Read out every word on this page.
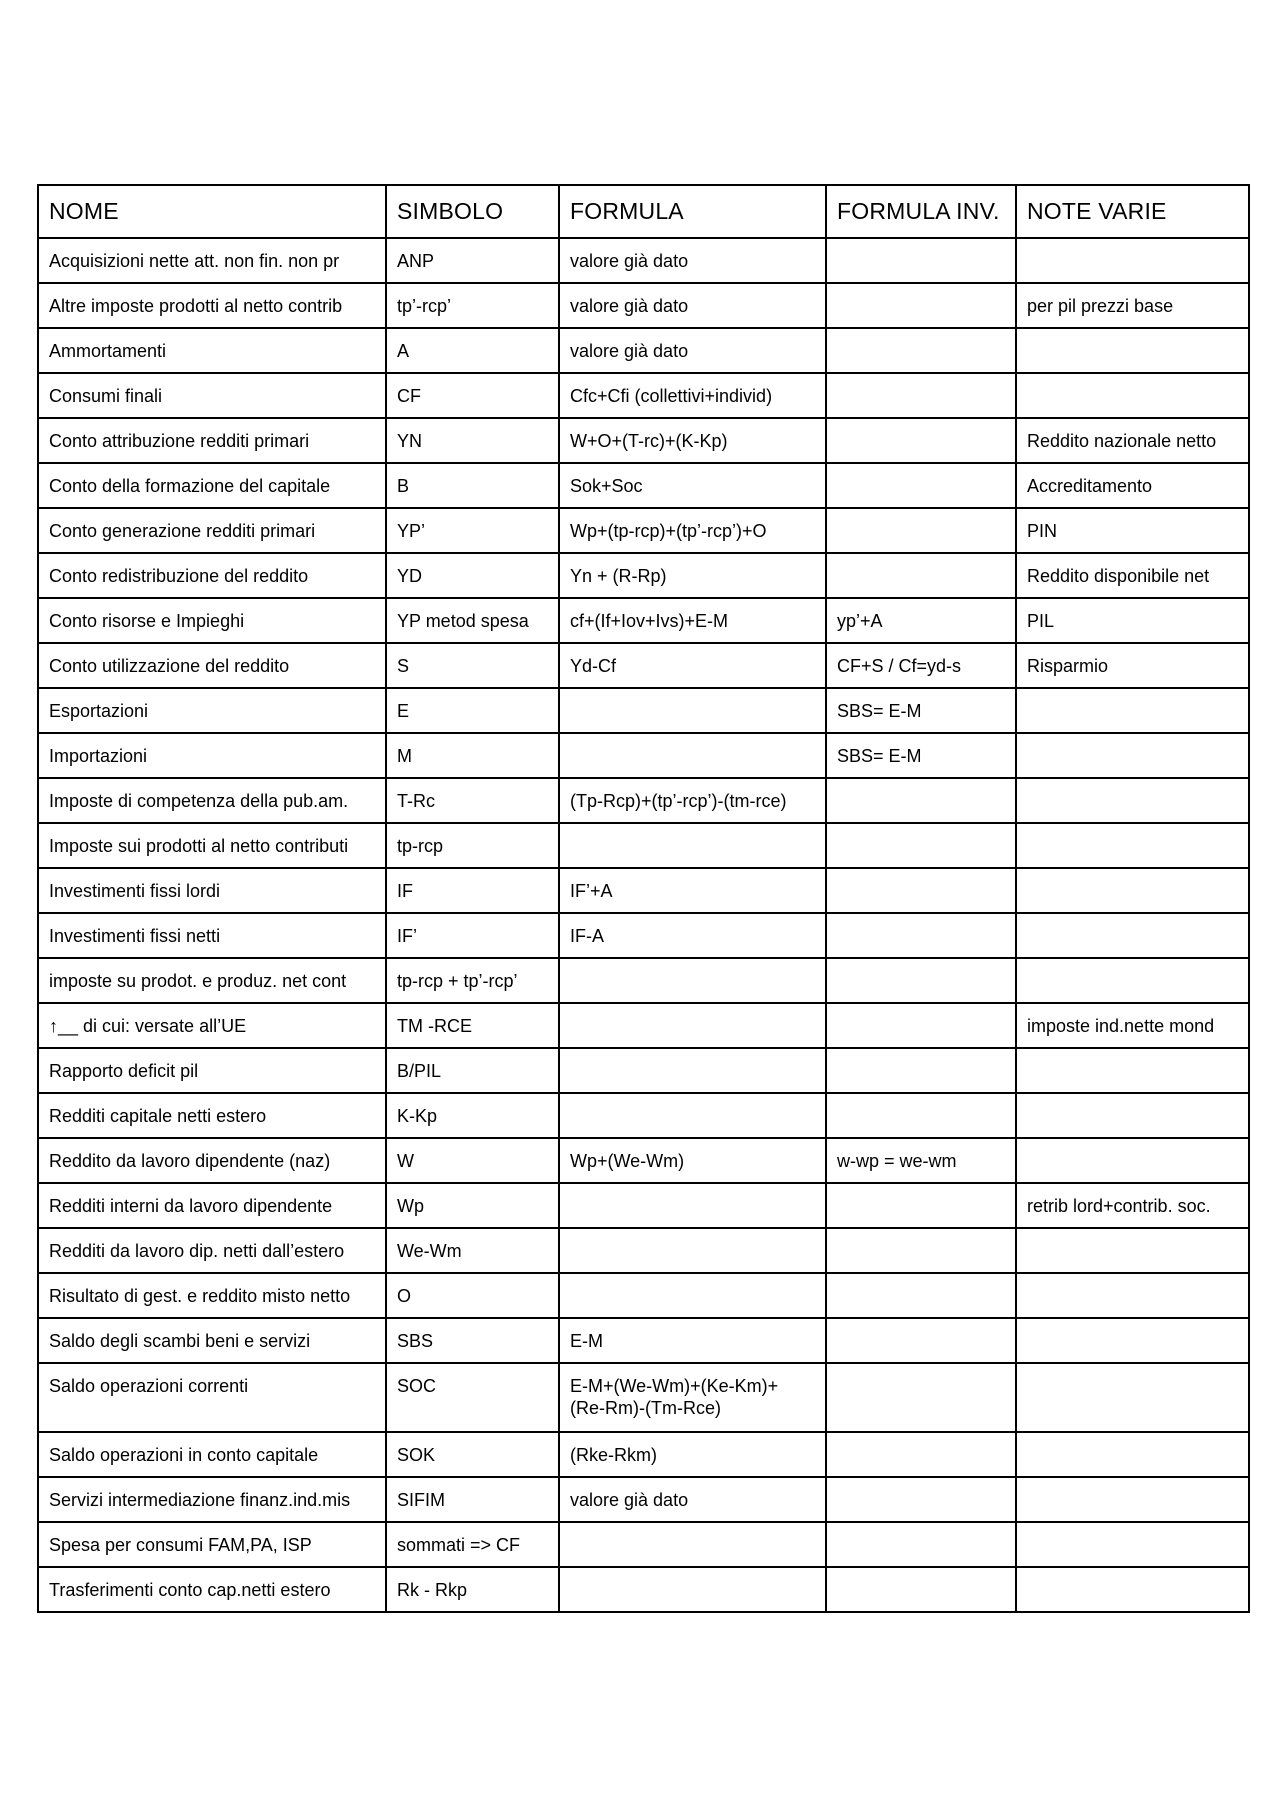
NOME	SIMBOLO	FORMULA	FORMULA INV.	NOTE VARIE
Acquisizioni nette att. non fin. non pr	ANP	valore già dato		
Altre imposte prodotti al netto contrib	tp’-rcp’	valore già dato		per pil prezzi base
Ammortamenti	A	valore già dato		
Consumi finali	CF	Cfc+Cfi (collettivi+individ)		
Conto attribuzione redditi primari	YN	W+O+(T-rc)+(K-Kp)		Reddito nazionale netto
Conto della formazione del capitale	B	Sok+Soc		Accreditamento
Conto generazione redditi primari	YP’	Wp+(tp-rcp)+(tp’-rcp’)+O		PIN
Conto redistribuzione del reddito	YD	Yn + (R-Rp)		Reddito disponibile net
Conto risorse e Impieghi	YP metod spesa	cf+(If+Iov+Ivs)+E-M	yp’+A	PIL
Conto utilizzazione del reddito	S	Yd-Cf	CF+S / Cf=yd-s	Risparmio
Esportazioni	E		SBS= E-M	
Importazioni	M		SBS= E-M	
Imposte di competenza della pub.am.	T-Rc	(Tp-Rcp)+(tp’-rcp’)-(tm-rce)		
Imposte sui prodotti al netto contributi	tp-rcp			
Investimenti fissi lordi	IF	IF’+A		
Investimenti fissi netti	IF’	IF-A		
imposte su prodot. e produz. net cont	tp-rcp + tp’-rcp’			
↑__ di cui: versate all’UE	TM -RCE			imposte ind.nette mond
Rapporto deficit pil	B/PIL			
Redditi capitale netti estero	K-Kp			
Reddito da lavoro dipendente (naz)	W	Wp+(We-Wm)	w-wp = we-wm	
Redditi interni da lavoro dipendente	Wp			retrib lord+contrib. soc.
Redditi da lavoro dip. netti dall’estero	We-Wm			
Risultato di gest. e reddito misto netto	O			
Saldo degli scambi beni e servizi	SBS	E-M		
Saldo operazioni correnti	SOC	E-M+(We-Wm)+(Ke-Km)+ (Re-Rm)-(Tm-Rce)		
Saldo operazioni in conto capitale	SOK	(Rke-Rkm)		
Servizi intermediazione finanz.ind.mis	SIFIM	valore già dato		
Spesa per consumi FAM,PA, ISP	sommati => CF			
Trasferimenti conto cap.netti estero	Rk - Rkp			
